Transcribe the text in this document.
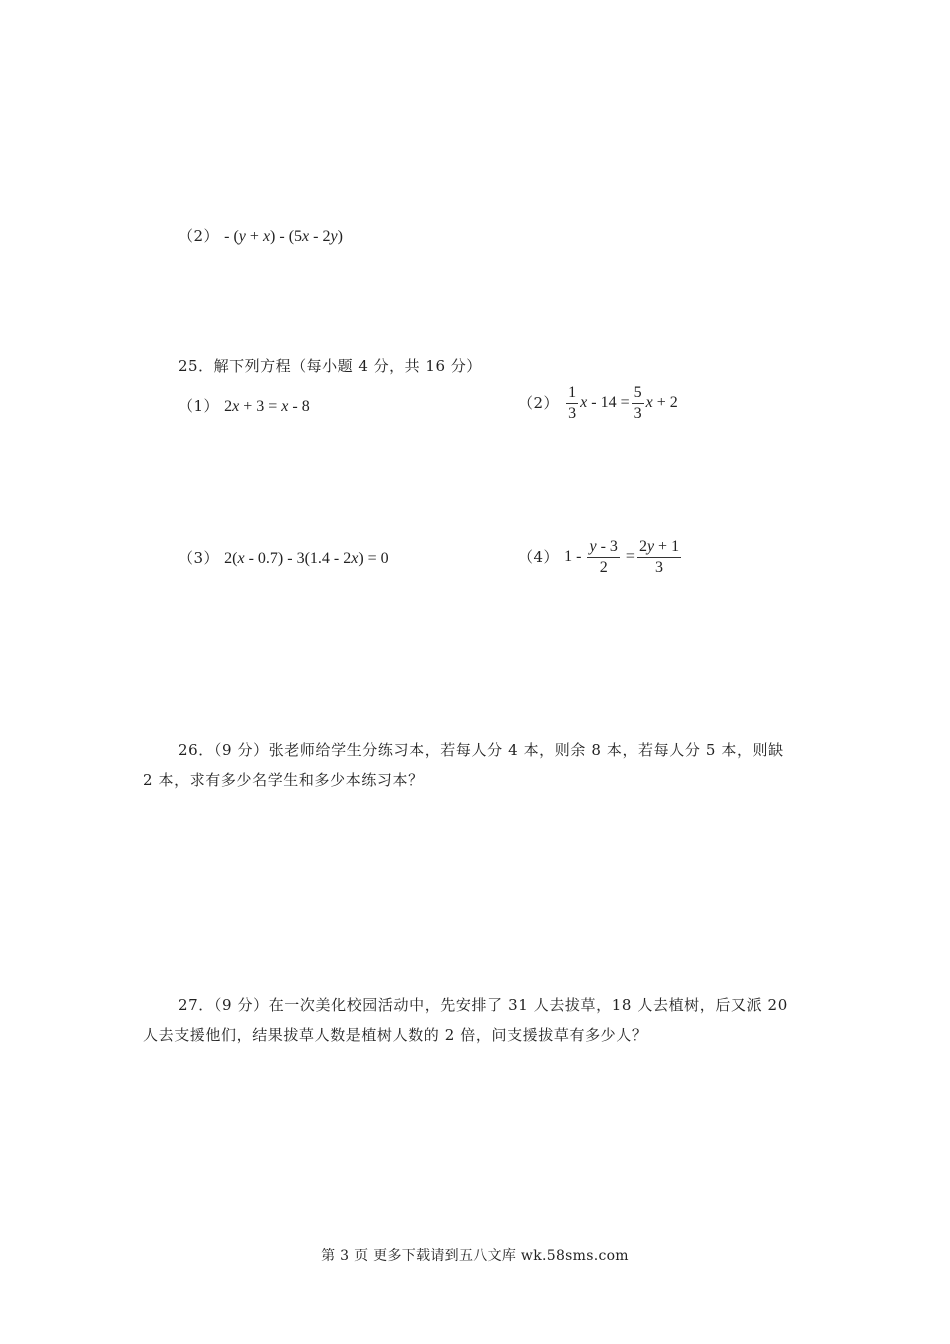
（2） - (y + x) - (5x - 2y)
25．解下列方程（每小题 4 分，共 16 分）
（1） 2x + 3 = x - 8	$(2) \frac{1}{3}$ $x - 14 = \frac{5}{3}$ x + 2
（3） 2(x - 0.7) - 3(1.4 - 2x) = 0	（4） $1 - \frac{y - 3}{2} = \frac{2y + 1}{3}$
26．（9 分）张老师给学生分练习本，若每人分 4 本，则余 8 本，若每人分 5 本，则缺
2 本，求有多少名学生和多少本练习本？
27．（9 分）在一次美化校园活动中，先安排了 31 人去拔草，18 人去植树，后又派 20
人去支援他们，结果拔草人数是植树人数的 2 倍，问支援拔草有多少人？
第 3 页 更多下载请到五八文库 wk.58sms.com
